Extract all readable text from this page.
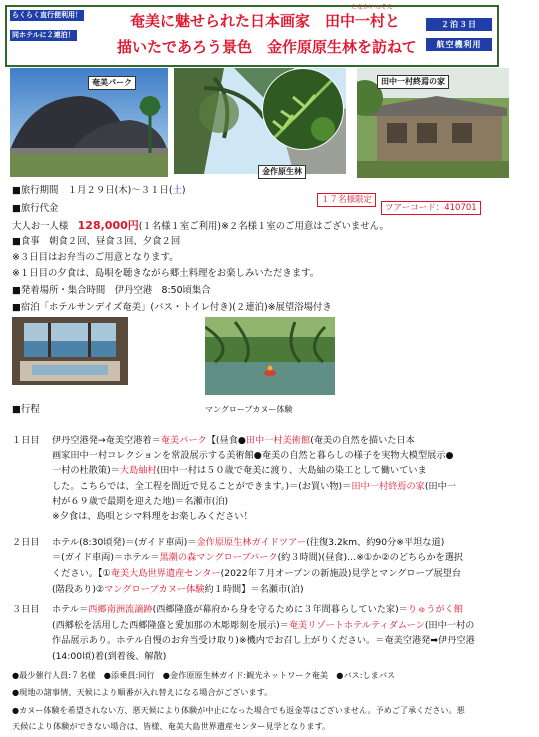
らくらく直行便利用！
同ホテルに２連泊！
たなかいっそん
奄美に魅せられた日本画家　田中一村と
描いたであろう景色　金作原原生林を訪ねて
２泊３日
航空機利用
奄美パーク
金作原生林
田中一村終焉の家
■旅行期間　 １月２９日(木)～３１日(土)
１７名様限定
ツアーコード：410701
■旅行代金
大人お一人様　 128,000円(１名様１室ご利用)※２名様１室のご用意はございません。
■食事　朝食２回、昼食３回、夕食２回
※３日目はお弁当のご用意となります。
※１日目の夕食は、島唄を聴きながら郷土料理をお楽しみいただきます。
■発着場所・集合時間　伊丹空港　8:50頃集合
■宿泊「ホテルサンデイズ奄美」(バス・トイレ付き)(２連泊)※展望浴場付き
■行程	マングローブカヌー体験
１日目 伊丹空港発→奄美空港着＝奄美パーク【(昼食●田中一村美術館(奄美の自然を描いた日本
画家田中一村コレクションを常設展示する美術館●奄美の自然と暮らしの様子を実物大模型展示●
一村の杜散策)＝大島紬村(田中一村は５０歳で奄美に渡り、大島紬の染工として働いていま
した。こちらでは、全工程を間近で見ることができます。)＝(お買い物)＝田中一村終焉の家(田中一
村が６９歳で最期を迎えた地)＝名瀬市(泊)
※夕食は、島唄とシマ料理をお楽しみください！
２日目 ホテル(8:30頃発)＝(ガイド車両)＝金作原原生林ガイドツアー(往復3.2km、約90分※平坦な道)
＝(ガイド車両)＝ホテル＝黒潮の森マングローブパーク(約３時間)(昼食)…※①か②のどちらかを選択
ください。【①奄美大島世界遺産センター(2022年７月オープンの新施設)見学とマングローブ展望台
(階段あり)②マングローブカヌー体験約１時間】＝名瀬市(泊)
３日目 ホテル＝西郷南洲流謫跡(西郷隆盛が幕府から身を守るために３年間暮らしていた家)＝りゅうがく館
(西郷松を活用した西郷隆盛と愛加那の木彫彫刻を展示)＝奄美リゾートホテルティダムーン(田中一村の
作品展示あり。ホテル自慢のお弁当受け取り)※機内でお召し上がりください。＝奄美空港発➡伊丹空港
(14:00頃)着(到着後、解散)
●最少催行人員:７名様　●添乗員:同行　●金作原原生林ガイド:観光ネットワーク奄美　●バス:しまバス
●現地の諸事情、天候により順番が入れ替えになる場合がございます。
●カヌー体験を希望されない方、悪天候により体験が中止になった場合でも返金等はございません。予めご了承ください。悪
天候により体験ができない場合は、皆様、奄美大島世界遺産センター見学となります。
